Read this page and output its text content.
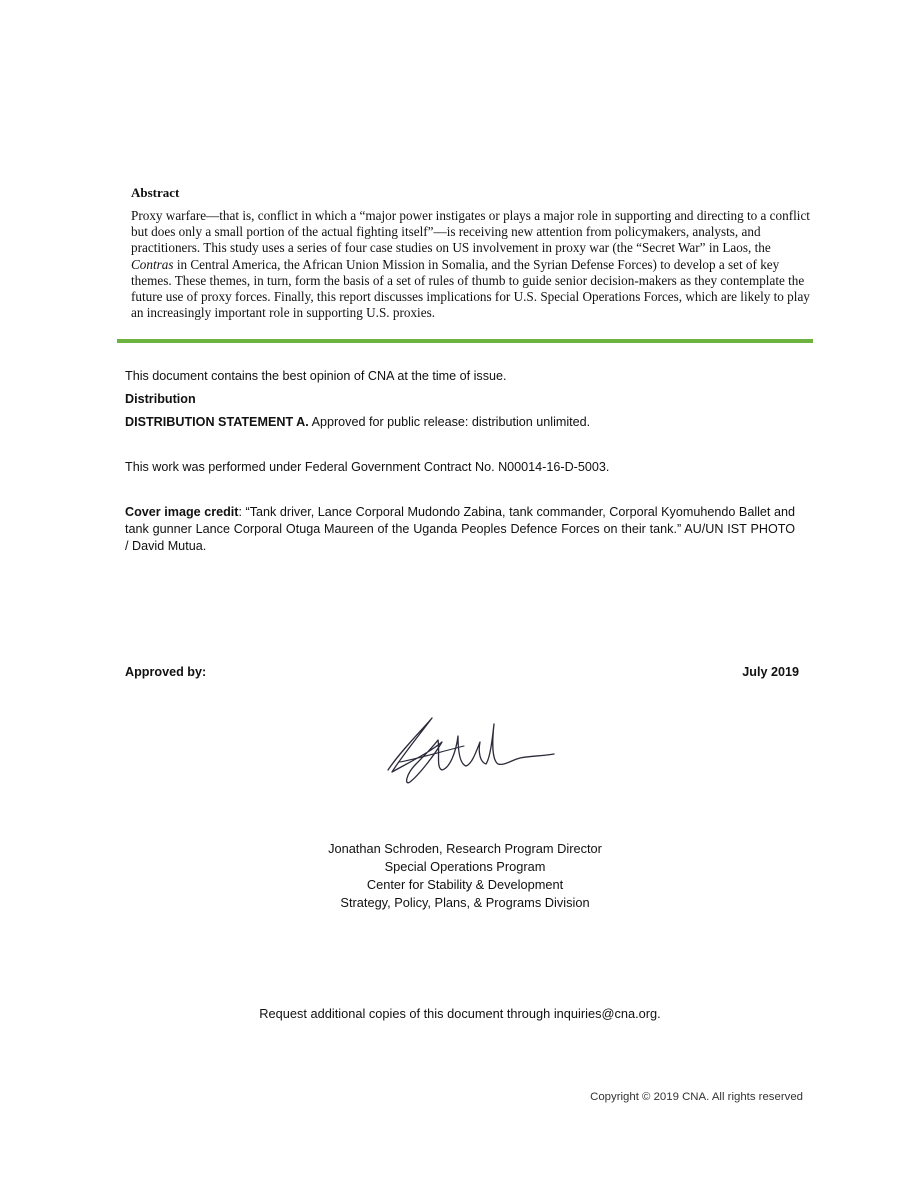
Abstract
Proxy warfare—that is, conflict in which a “major power instigates or plays a major role in supporting and directing to a conflict but does only a small portion of the actual fighting itself”—is receiving new attention from policymakers, analysts, and practitioners. This study uses a series of four case studies on US involvement in proxy war (the “Secret War” in Laos, the Contras in Central America, the African Union Mission in Somalia, and the Syrian Defense Forces) to develop a set of key themes. These themes, in turn, form the basis of a set of rules of thumb to guide senior decision-makers as they contemplate the future use of proxy forces. Finally, this report discusses implications for U.S. Special Operations Forces, which are likely to play an increasingly important role in supporting U.S. proxies.
This document contains the best opinion of CNA at the time of issue.
Distribution
DISTRIBUTION STATEMENT A. Approved for public release: distribution unlimited.
This work was performed under Federal Government Contract No. N00014-16-D-5003.
Cover image credit: “Tank driver, Lance Corporal Mudondo Zabina, tank commander, Corporal Kyomuhendo Ballet and tank gunner Lance Corporal Otuga Maureen of the Uganda Peoples Defence Forces on their tank.” AU/UN IST PHOTO / David Mutua.
Approved by:	July 2019
Jonathan Schroden, Research Program Director
Special Operations Program
Center for Stability & Development
Strategy, Policy, Plans, & Programs Division
Request additional copies of this document through inquiries@cna.org.
Copyright © 2019 CNA. All rights reserved
